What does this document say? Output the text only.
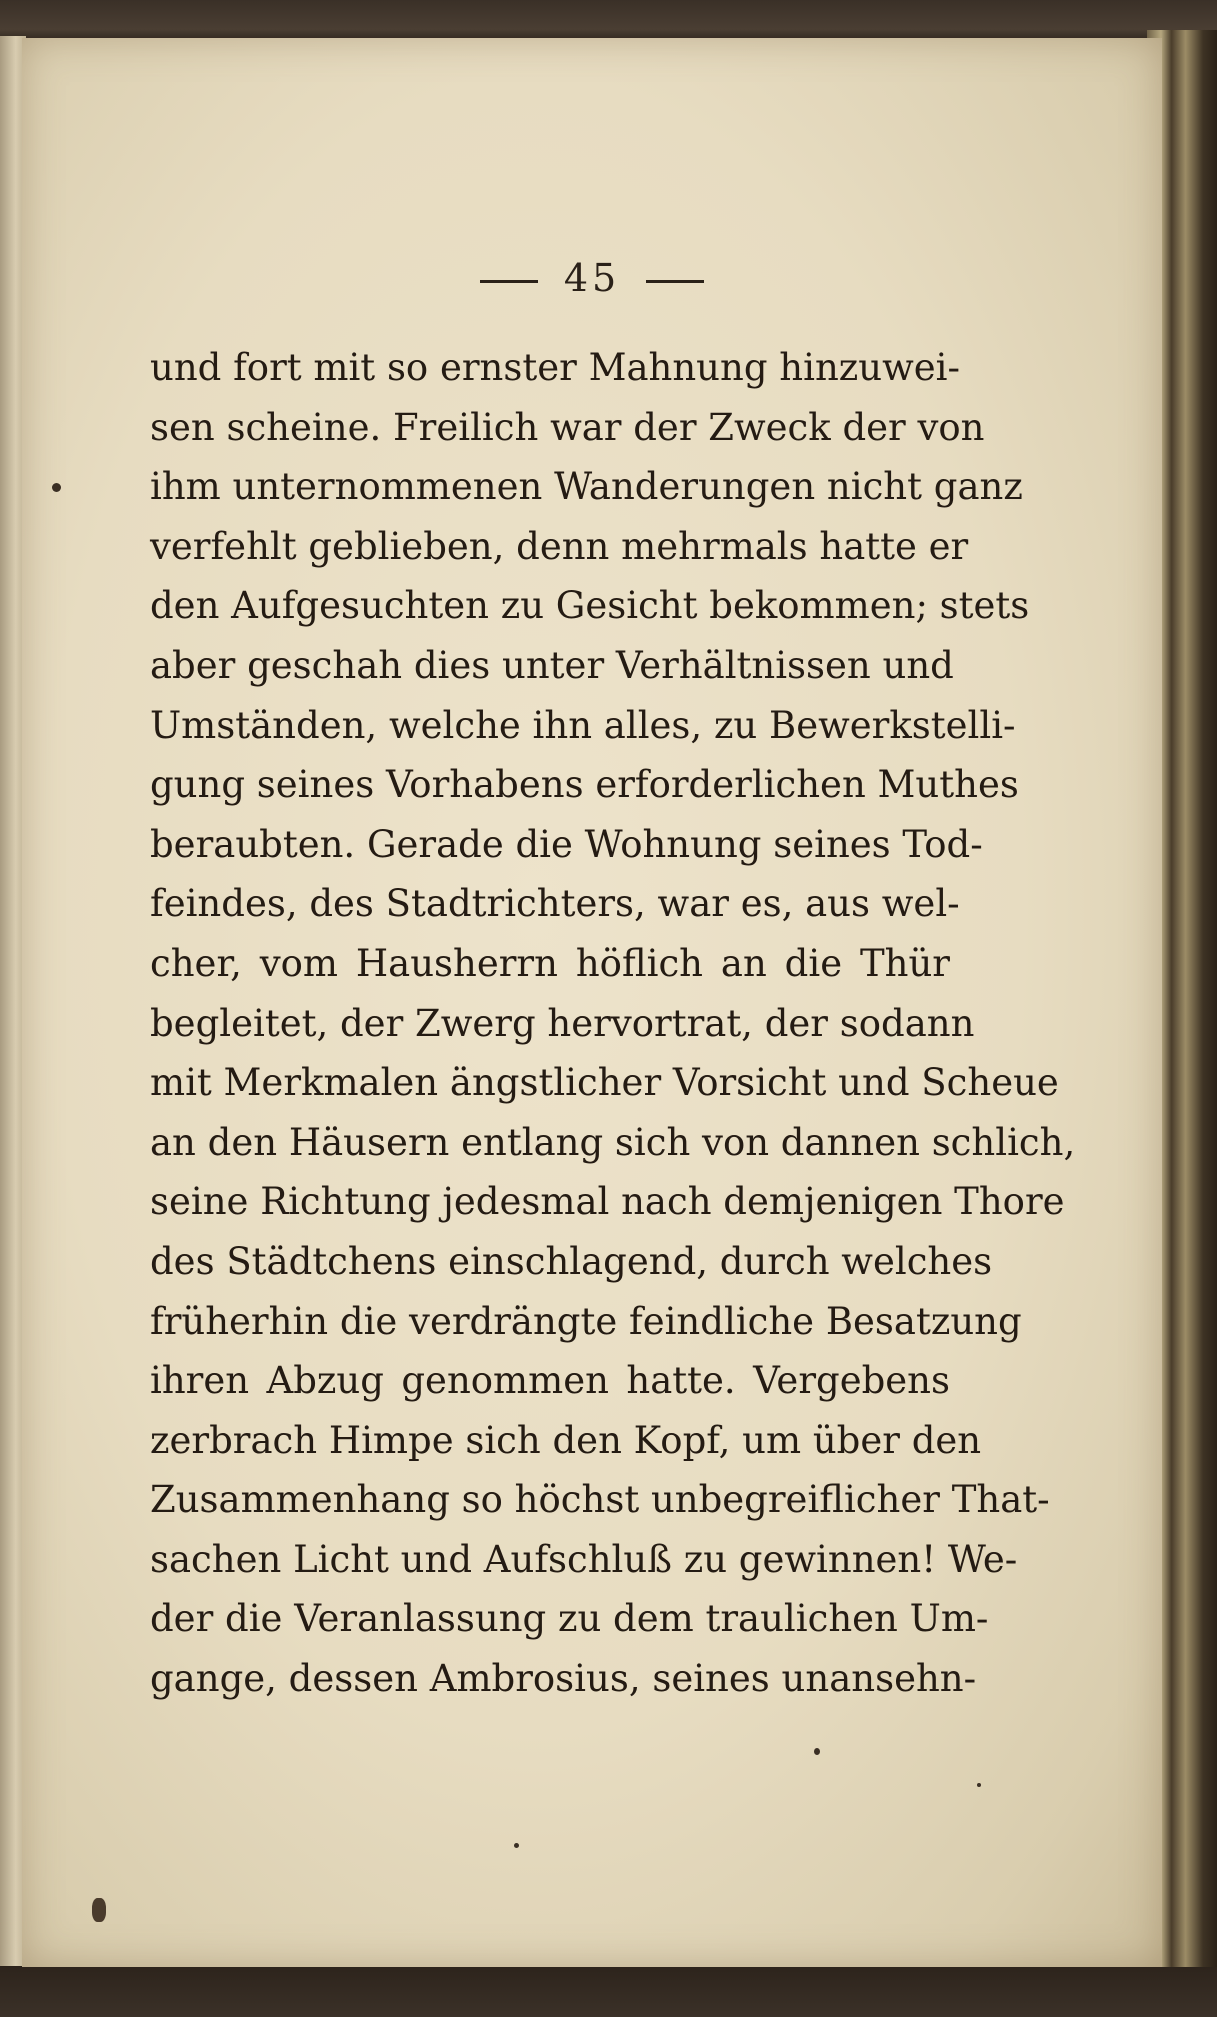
45
und fort mit so ernster Mahnung hinzuwei-
sen scheine. Freilich war der Zweck der von
ihm unternommenen Wanderungen nicht ganz
verfehlt geblieben, denn mehrmals hatte er
den Aufgesuchten zu Gesicht bekommen; stets
aber geschah dies unter Verhältnissen und
Umständen, welche ihn alles, zu Bewerkstelli-
gung seines Vorhabens erforderlichen Muthes
beraubten. Gerade die Wohnung seines Tod-
feindes, des Stadtrichters, war es, aus wel-
cher, vom Hausherrn höflich an die Thür
begleitet, der Zwerg hervortrat, der sodann
mit Merkmalen ängstlicher Vorsicht und Scheue
an den Häusern entlang sich von dannen schlich,
seine Richtung jedesmal nach demjenigen Thore
des Städtchens einschlagend, durch welches
früherhin die verdrängte feindliche Besatzung
ihren Abzug genommen hatte. Vergebens
zerbrach Himpe sich den Kopf, um über den
Zusammenhang so höchst unbegreiflicher That-
sachen Licht und Aufschluß zu gewinnen! We-
der die Veranlassung zu dem traulichen Um-
gange, dessen Ambrosius, seines unansehn-
